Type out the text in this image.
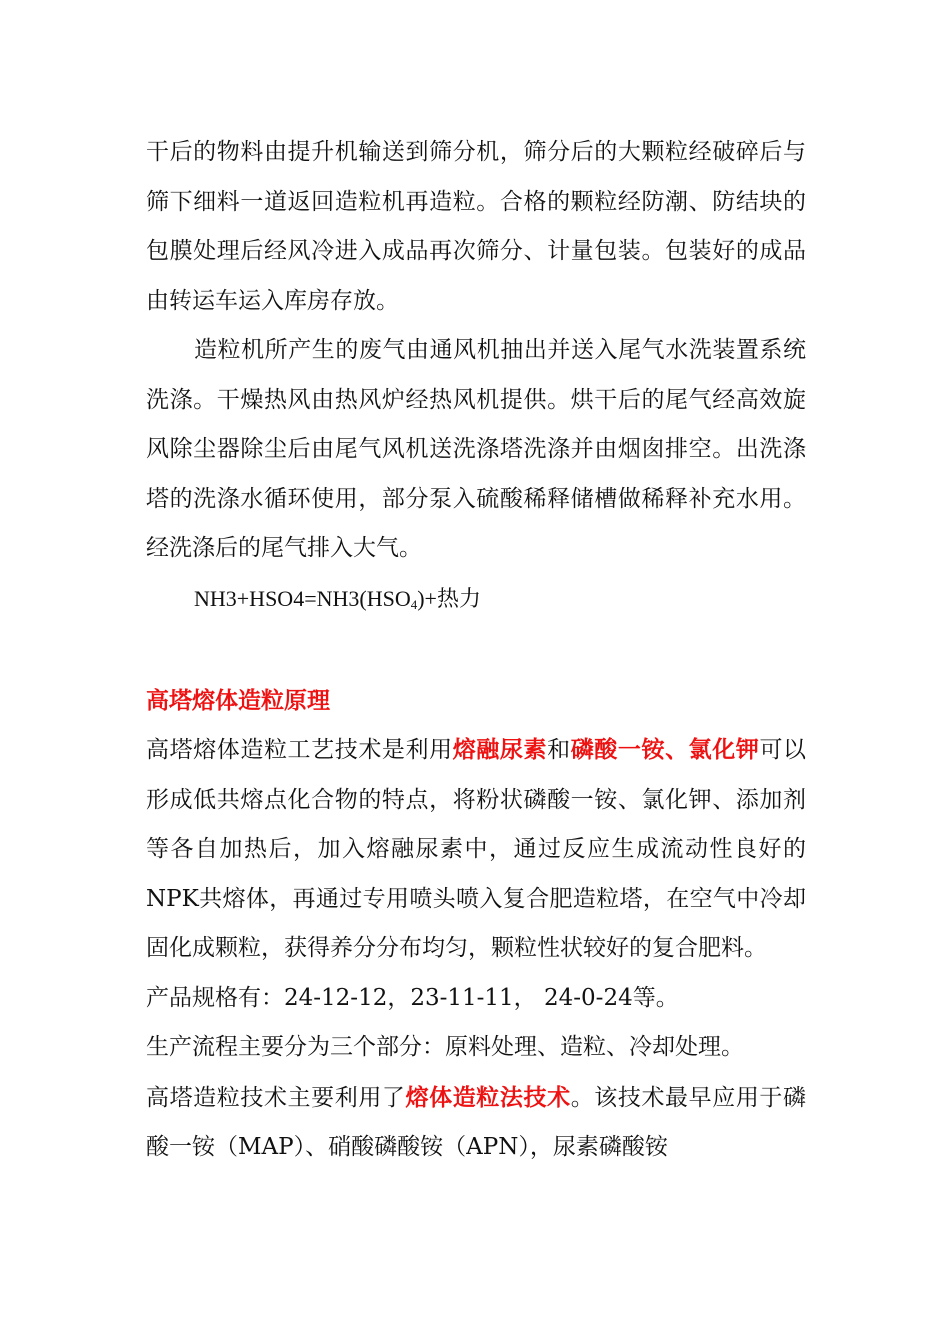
干后的物料由提升机输送到筛分机，筛分后的大颗粒经破碎后与筛下细料一道返回造粒机再造粒。合格的颗粒经防潮、防结块的包膜处理后经风冷进入成品再次筛分、计量包装。包装好的成品由转运车运入库房存放。

造粒机所产生的废气由通风机抽出并送入尾气水洗装置系统洗涤。干燥热风由热风炉经热风机提供。烘干后的尾气经高效旋风除尘器除尘后由尾气风机送洗涤塔洗涤并由烟囱排空。出洗涤塔的洗涤水循环使用，部分泵入硫酸稀释储槽做稀释补充水用。经洗涤后的尾气排入大气。

$NH3+HSO4=NH3(HSO_4)+$热力

高塔熔体造粒原理

高塔熔体造粒工艺技术是利用熔融尿素和磷酸一铵、氯化钾可以形成低共熔点化合物的特点，将粉状磷酸一铵、氯化钾、添加剂等各自加热后，加入熔融尿素中，通过反应生成流动性良好的NPK共熔体，再通过专用喷头喷入复合肥造粒塔，在空气中冷却固化成颗粒，获得养分分布均匀，颗粒性状较好的复合肥料。

产品规格有：24-12-12，23-11-11， 24-0-24等。

生产流程主要分为三个部分：原料处理、造粒、冷却处理。

高塔造粒技术主要利用了熔体造粒法技术。该技术最早应用于磷酸一铵（MAP）、硝酸磷酸铵（APN），尿素磷酸铵
